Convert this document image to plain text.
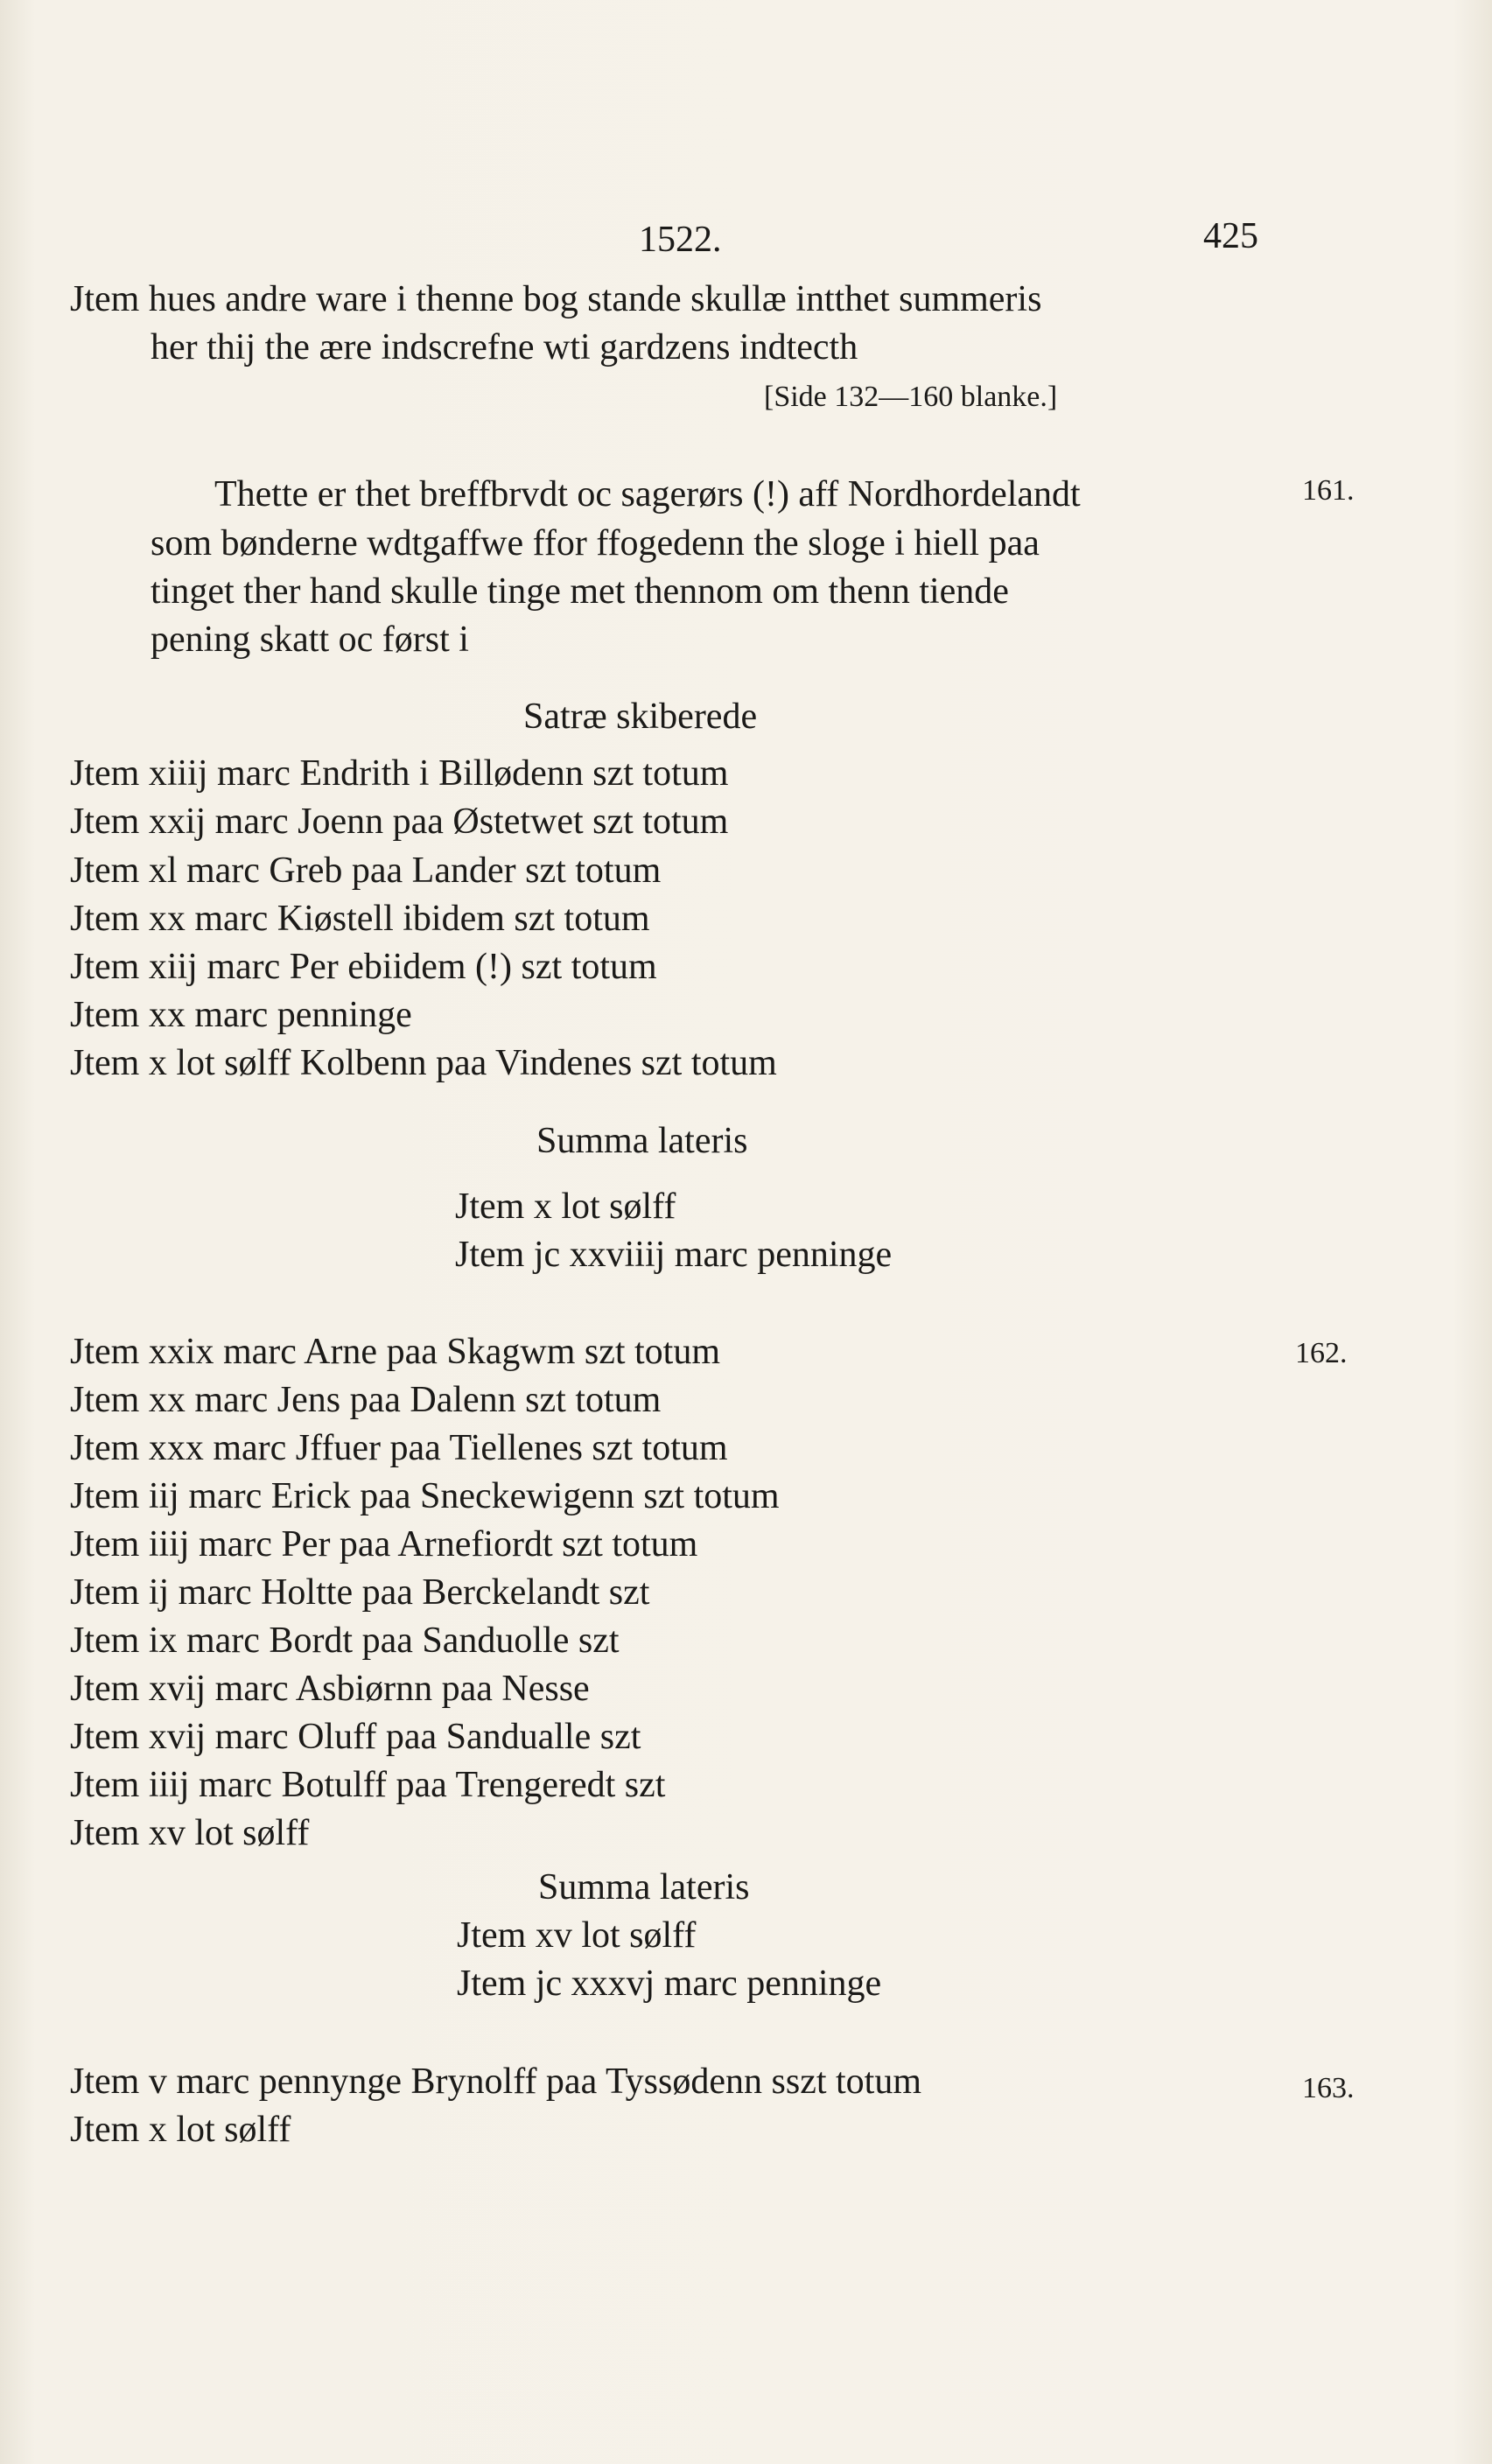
1522.	425
Jtem hues andre ware i thenne bog stande skullæ intthet summeris
her thij the ære indscrefne wti gardzens indtecth
[Side 132—160 blanke.]
Thette er thet breffbrvdt oc sagerørs (!) aff Nordhordelandt
som bønderne wdtgaffwe ffor ffogedenn the sloge i hiell paa
tinget ther hand skulle tinge met thennom om thenn tiende
pening skatt oc først i
Satræ skiberede
Jtem xiiij marc Endrith i Billødenn szt totum
Jtem xxij marc Joenn paa Østetwet szt totum
Jtem xl marc Greb paa Lander szt totum
Jtem xx marc Kiøstell ibidem szt totum
Jtem xiij marc Per ebiidem (!) szt totum
Jtem xx marc penninge
Jtem x lot sølff Kolbenn paa Vindenes szt totum
Summa lateris
Jtem x lot sølff
Jtem jc xxviiij marc penninge
Jtem xxix marc Arne paa Skagwm szt totum
Jtem xx marc Jens paa Dalenn szt totum
Jtem xxx marc Jffuer paa Tiellenes szt totum
Jtem iij marc Erick paa Sneckewigenn szt totum
Jtem iiij marc Per paa Arnefiordt szt totum
Jtem ij marc Holtte paa Berckelandt szt
Jtem ix marc Bordt paa Sanduolle szt
Jtem xvij marc Asbiørnn paa Nesse
Jtem xvij marc Oluff paa Sandualle szt
Jtem iiij marc Botulff paa Trengeredt szt
Jtem xv lot sølff
Summa lateris
Jtem xv lot sølff
Jtem jc xxxvj marc penninge
Jtem v marc pennynge Brynolff paa Tyssødenn sszt totum
Jtem x lot sølff
161.
162.
163.
